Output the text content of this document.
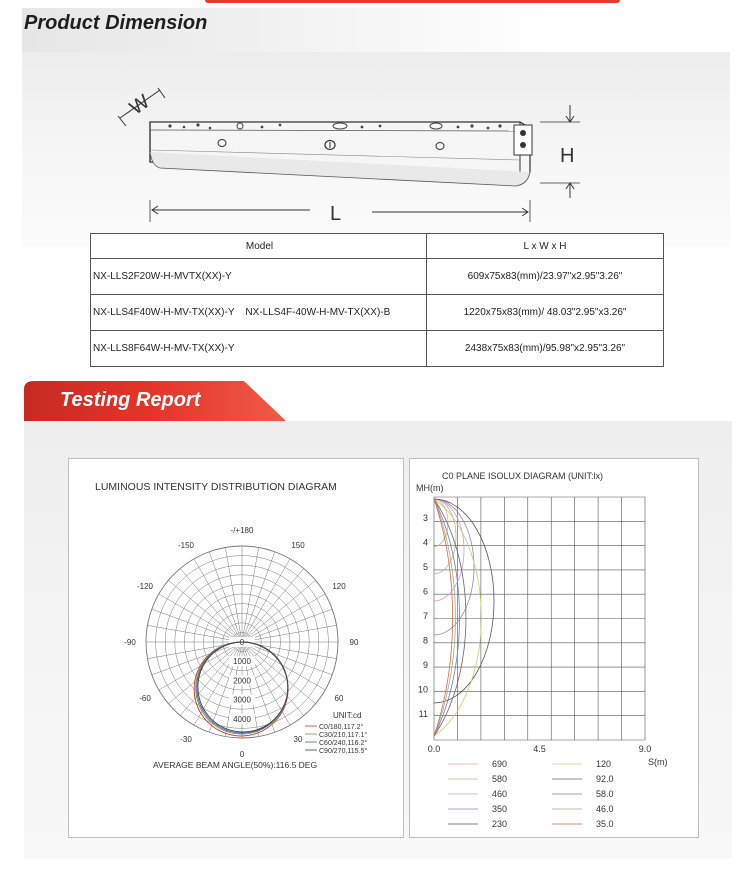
Product Dimension
W
H
L
Model	L x W x H
NX-LLS2F20W-H-MVTX(XX)-Y	609x75x83(mm)/23.97"x2.95"3.26"
NX-LLS4F40W-H-MV-TX(XX)-Y    NX-LLS4F-40W-H-MV-TX(XX)-B	1220x75x83(mm)/ 48.03"2.95"x3.26"
NX-LLS8F64W-H-MV-TX(XX)-Y	2438x75x83(mm)/95.98"x2.95"3.26"
Testing Report
LUMINOUS INTENSITY DISTRIBUTION DIAGRAM
-/+180
150
120
90
60
30
0
-30
-60
-90
-120
-150
0
1000
2000
3000
4000	UNIT:cd
C0/180,117.2°
C30/210,117.1°
C60/240,116.2°
C90/270,115.5°
AVERAGE BEAM ANGLE(50%):116.5 DEG
C0 PLANE ISOLUX DIAGRAM (UNIT:lx)
MH(m)
3
4
5
6
7
8
9
10
11
0.0	4.5	9.0
S(m)
690
580
460
350
230
120
92.0
58.0
46.0
35.0
